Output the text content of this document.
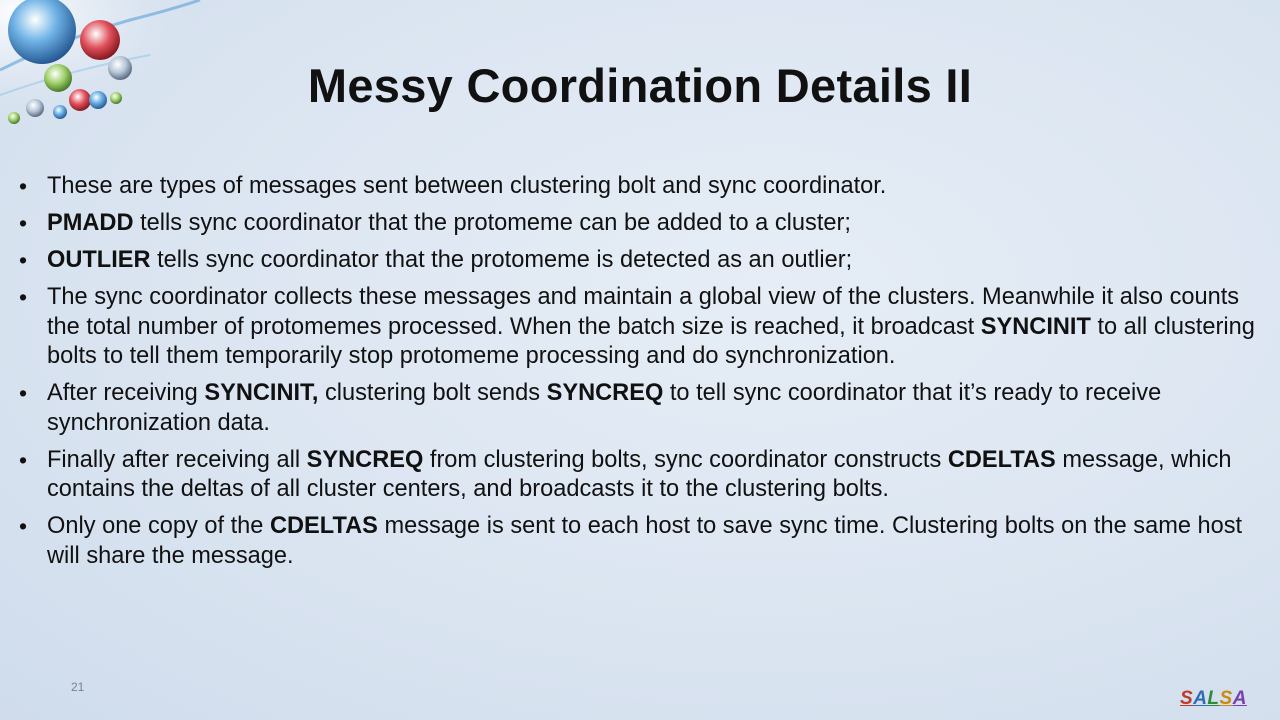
Messy Coordination Details II
• These are types of messages sent between clustering bolt and sync coordinator.
• PMADD tells sync coordinator that the protomeme can be added to a cluster;
• OUTLIER tells sync coordinator that the protomeme is detected as an outlier;
• The sync coordinator collects these messages and maintain a global view of the clusters. Meanwhile it also counts the total number of protomemes processed. When the batch size is reached, it broadcast SYNCINIT to all clustering bolts to tell them temporarily stop protomeme processing and do synchronization.
• After receiving SYNCINIT, clustering bolt sends SYNCREQ to tell sync coordinator that it’s ready to receive synchronization data.
• Finally after receiving all SYNCREQ from clustering bolts, sync coordinator constructs CDELTAS message, which contains the deltas of all cluster centers, and broadcasts it to the clustering bolts.
• Only one copy of the CDELTAS message is sent to each host to save sync time. Clustering bolts on the same host will share the message.
21
SALSA
